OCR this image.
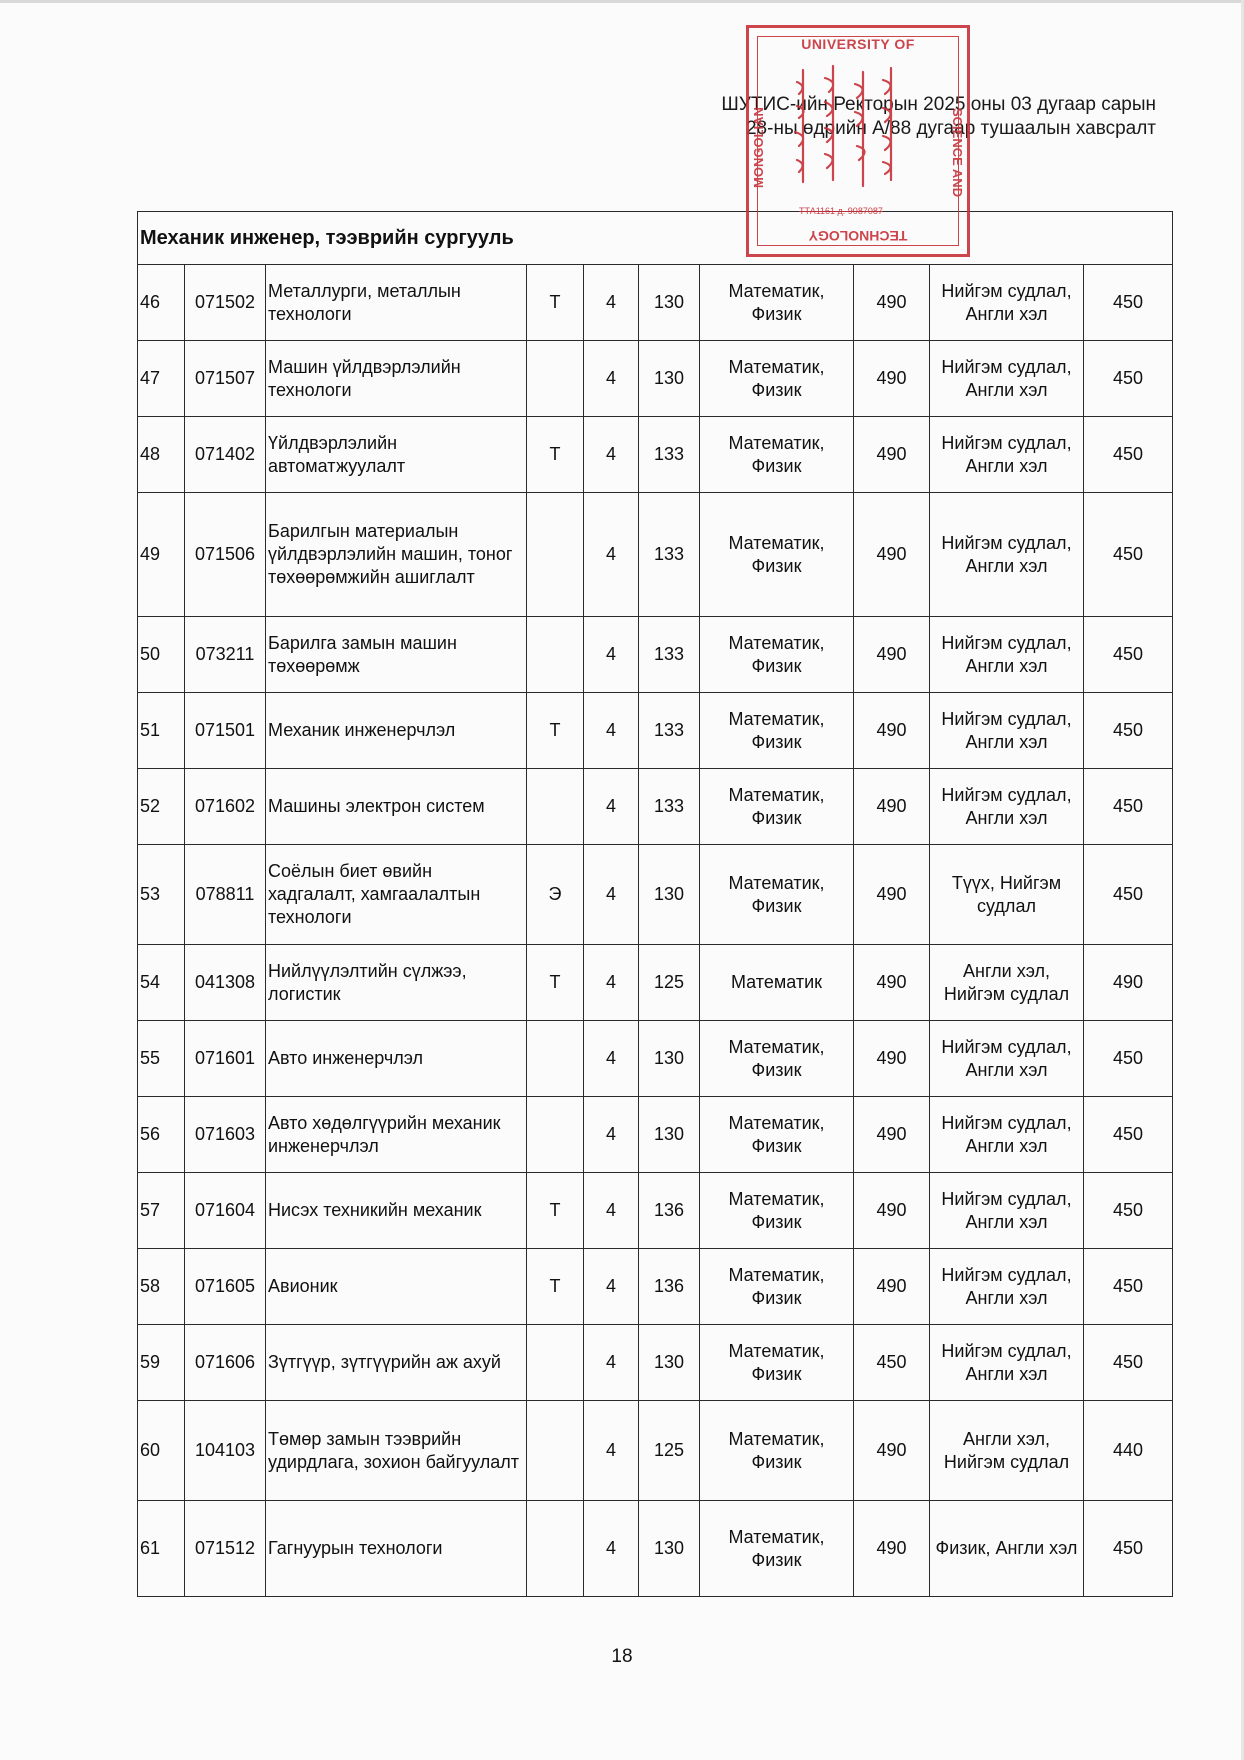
ШУТИС-ийн Ректорын 2025 оны 03 дугаар сарын
28-ны өдрийн А/88 дугаар тушаалын хавсралт
UNIVERSITY OF
MONGOLIAN	SCIENCE AND
TECHNOLOGY
ТТА1161 д. 9087087
Механик инженер, тээврийн сургууль									
46	071502	Металлурги, металлын технологи	Т	4	130	Математик, Физик	490	Нийгэм судлал, Англи хэл	450
47	071507	Машин үйлдвэрлэлийн технологи		4	130	Математик, Физик	490	Нийгэм судлал, Англи хэл	450
48	071402	Үйлдвэрлэлийн автоматжуулалт	Т	4	133	Математик, Физик	490	Нийгэм судлал, Англи хэл	450
49	071506	Барилгын материалын үйлдвэрлэлийн машин, тоног төхөөрөмжийн ашиглалт		4	133	Математик, Физик	490	Нийгэм судлал, Англи хэл	450
50	073211	Барилга замын машин төхөөрөмж		4	133	Математик, Физик	490	Нийгэм судлал, Англи хэл	450
51	071501	Механик инженерчлэл	Т	4	133	Математик, Физик	490	Нийгэм судлал, Англи хэл	450
52	071602	Машины электрон систем		4	133	Математик, Физик	490	Нийгэм судлал, Англи хэл	450
53	078811	Соёлын биет өвийн хадгалалт, хамгаалалтын технологи	Э	4	130	Математик, Физик	490	Түүх, Нийгэм судлал	450
54	041308	Нийлүүлэлтийн сүлжээ, логистик	Т	4	125	Математик	490	Англи хэл, Нийгэм судлал	490
55	071601	Авто инженерчлэл		4	130	Математик, Физик	490	Нийгэм судлал, Англи хэл	450
56	071603	Авто хөдөлгүүрийн механик инженерчлэл		4	130	Математик, Физик	490	Нийгэм судлал, Англи хэл	450
57	071604	Нисэх техникийн механик	Т	4	136	Математик, Физик	490	Нийгэм судлал, Англи хэл	450
58	071605	Авионик	Т	4	136	Математик, Физик	490	Нийгэм судлал, Англи хэл	450
59	071606	Зүтгүүр, зүтгүүрийн аж ахуй		4	130	Математик, Физик	450	Нийгэм судлал, Англи хэл	450
60	104103	Төмөр замын тээврийн удирдлага, зохион байгуулалт		4	125	Математик, Физик	490	Англи хэл, Нийгэм судлал	440
61	071512	Гагнуурын технологи		4	130	Математик, Физик	490	Физик, Англи хэл	450
18
